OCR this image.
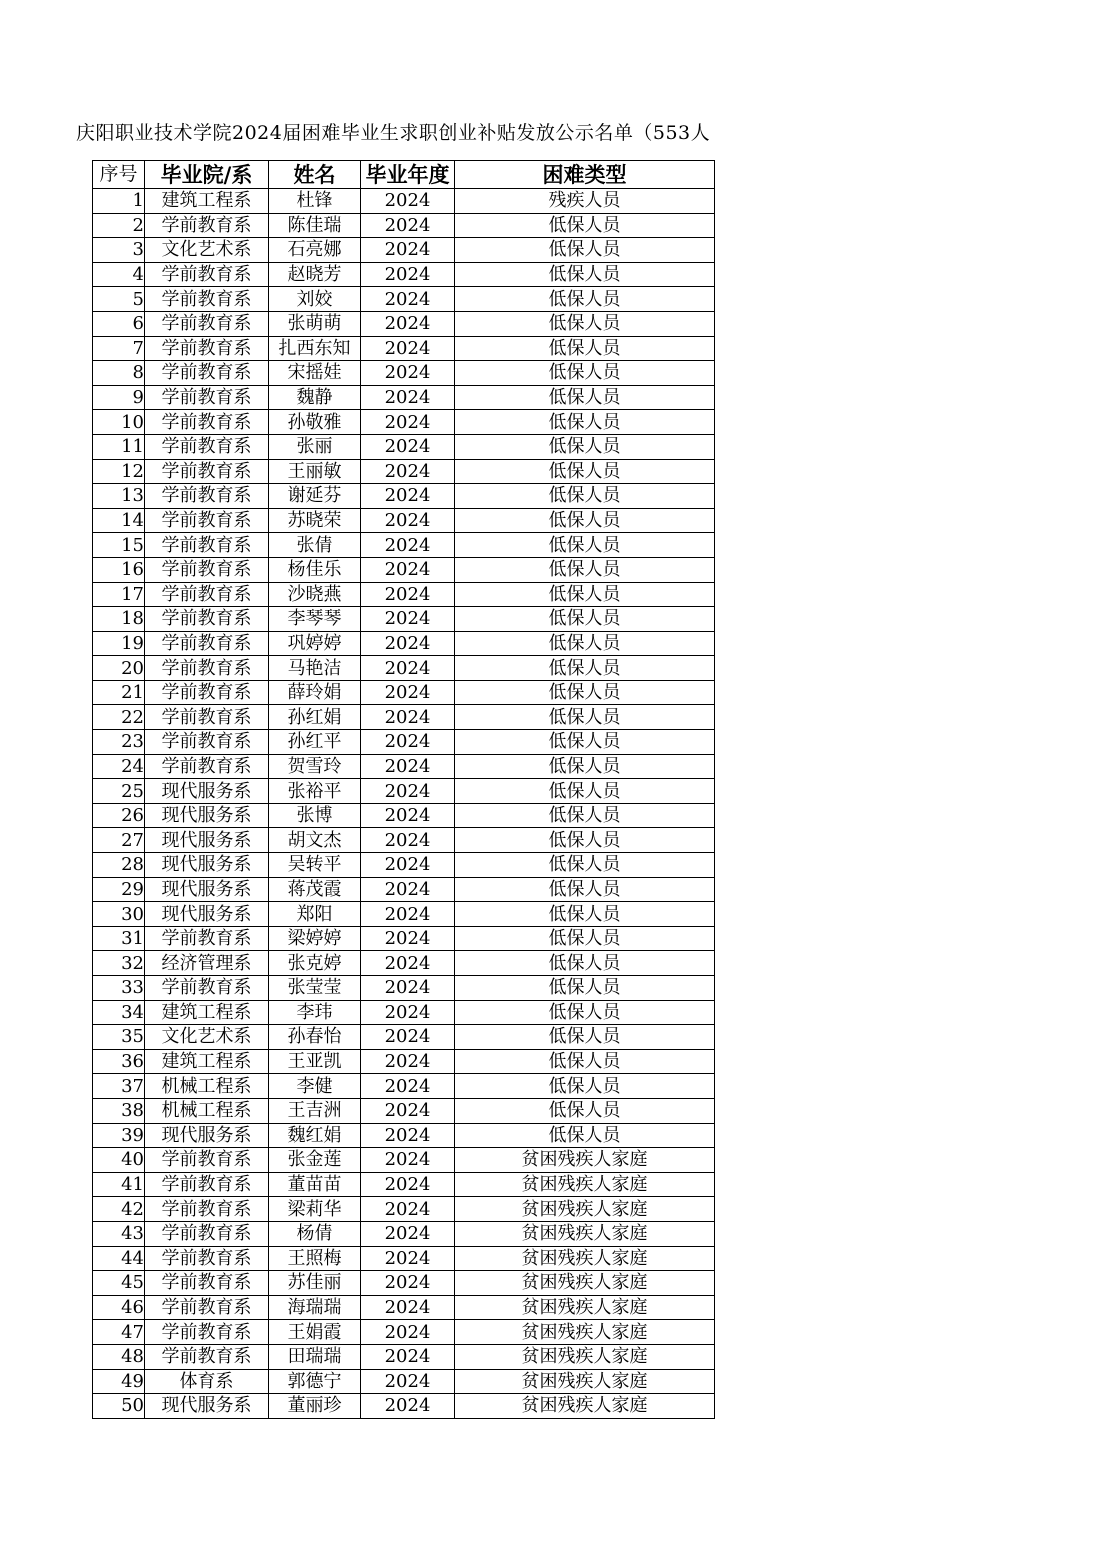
庆阳职业技术学院2024届困难毕业生求职创业补贴发放公示名单（553人
序号	毕业院/系	姓名	毕业年度	困难类型
1	建筑工程系	杜锋	2024	残疾人员
2	学前教育系	陈佳瑞	2024	低保人员
3	文化艺术系	石亮娜	2024	低保人员
4	学前教育系	赵晓芳	2024	低保人员
5	学前教育系	刘姣	2024	低保人员
6	学前教育系	张萌萌	2024	低保人员
7	学前教育系	扎西东知	2024	低保人员
8	学前教育系	宋摇娃	2024	低保人员
9	学前教育系	魏静	2024	低保人员
10	学前教育系	孙敬雅	2024	低保人员
11	学前教育系	张丽	2024	低保人员
12	学前教育系	王丽敏	2024	低保人员
13	学前教育系	谢延芬	2024	低保人员
14	学前教育系	苏晓荣	2024	低保人员
15	学前教育系	张倩	2024	低保人员
16	学前教育系	杨佳乐	2024	低保人员
17	学前教育系	沙晓燕	2024	低保人员
18	学前教育系	李琴琴	2024	低保人员
19	学前教育系	巩婷婷	2024	低保人员
20	学前教育系	马艳洁	2024	低保人员
21	学前教育系	薛玲娟	2024	低保人员
22	学前教育系	孙红娟	2024	低保人员
23	学前教育系	孙红平	2024	低保人员
24	学前教育系	贺雪玲	2024	低保人员
25	现代服务系	张裕平	2024	低保人员
26	现代服务系	张博	2024	低保人员
27	现代服务系	胡文杰	2024	低保人员
28	现代服务系	吴转平	2024	低保人员
29	现代服务系	蒋茂霞	2024	低保人员
30	现代服务系	郑阳	2024	低保人员
31	学前教育系	梁婷婷	2024	低保人员
32	经济管理系	张克婷	2024	低保人员
33	学前教育系	张莹莹	2024	低保人员
34	建筑工程系	李玮	2024	低保人员
35	文化艺术系	孙春怡	2024	低保人员
36	建筑工程系	王亚凯	2024	低保人员
37	机械工程系	李健	2024	低保人员
38	机械工程系	王吉洲	2024	低保人员
39	现代服务系	魏红娟	2024	低保人员
40	学前教育系	张金莲	2024	贫困残疾人家庭
41	学前教育系	董苗苗	2024	贫困残疾人家庭
42	学前教育系	梁莉华	2024	贫困残疾人家庭
43	学前教育系	杨倩	2024	贫困残疾人家庭
44	学前教育系	王照梅	2024	贫困残疾人家庭
45	学前教育系	苏佳丽	2024	贫困残疾人家庭
46	学前教育系	海瑞瑞	2024	贫困残疾人家庭
47	学前教育系	王娟霞	2024	贫困残疾人家庭
48	学前教育系	田瑞瑞	2024	贫困残疾人家庭
49	体育系	郭德宁	2024	贫困残疾人家庭
50	现代服务系	董丽珍	2024	贫困残疾人家庭
